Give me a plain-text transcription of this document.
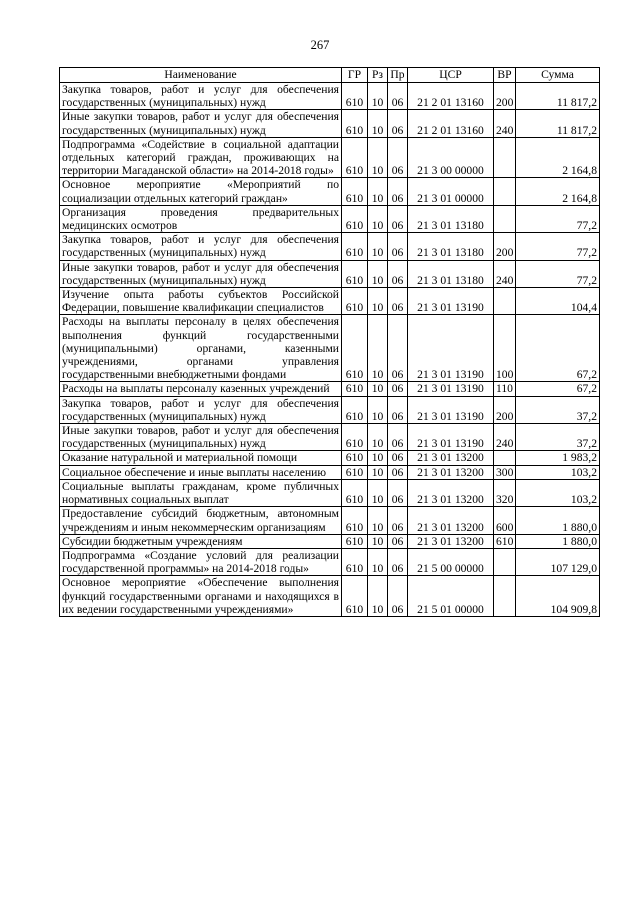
267
Наименование	ГР	Рз	Пр	ЦСР	ВР	Сумма
Закупка товаров, работ и услуг для обеспечения государственных (муниципальных) нужд	610	10	06	21 2 01 13160	200	11 817,2
Иные закупки товаров, работ и услуг для обеспечения государственных (муниципальных) нужд	610	10	06	21 2 01 13160	240	11 817,2
Подпрограмма «Содействие в социальной адаптации отдельных категорий граждан, проживающих на территории Магаданской области» на 2014-2018 годы»	610	10	06	21 3 00 00000		2 164,8
Основное мероприятие «Мероприятий по социализации отдельных категорий граждан»	610	10	06	21 3 01 00000		2 164,8
Организация проведения предварительных медицинских осмотров	610	10	06	21 3 01 13180		77,2
Закупка товаров, работ и услуг для обеспечения государственных (муниципальных) нужд	610	10	06	21 3 01 13180	200	77,2
Иные закупки товаров, работ и услуг для обеспечения государственных (муниципальных) нужд	610	10	06	21 3 01 13180	240	77,2
Изучение опыта работы субъектов Российской Федерации, повышение квалификации специалистов	610	10	06	21 3 01 13190		104,4
Расходы на выплаты персоналу в целях обеспечения выполнения функций государственными (муниципальными) органами, казенными учреждениями, органами управления государственными внебюджетными фондами	610	10	06	21 3 01 13190	100	67,2
Расходы на выплаты персоналу казенных учреждений	610	10	06	21 3 01 13190	110	67,2
Закупка товаров, работ и услуг для обеспечения государственных (муниципальных) нужд	610	10	06	21 3 01 13190	200	37,2
Иные закупки товаров, работ и услуг для обеспечения государственных (муниципальных) нужд	610	10	06	21 3 01 13190	240	37,2
Оказание натуральной и материальной помощи	610	10	06	21 3 01 13200		1 983,2
Социальное обеспечение и иные выплаты населению	610	10	06	21 3 01 13200	300	103,2
Социальные выплаты гражданам, кроме публичных нормативных социальных выплат	610	10	06	21 3 01 13200	320	103,2
Предоставление субсидий бюджетным, автономным учреждениям и иным некоммерческим организациям	610	10	06	21 3 01 13200	600	1 880,0
Субсидии бюджетным учреждениям	610	10	06	21 3 01 13200	610	1 880,0
Подпрограмма «Создание условий для реализации государственной программы» на 2014-2018 годы»	610	10	06	21 5 00 00000		107 129,0
Основное мероприятие «Обеспечение выполнения функций государственными органами и находящихся в их ведении государственными учреждениями»	610	10	06	21 5 01 00000		104 909,8
